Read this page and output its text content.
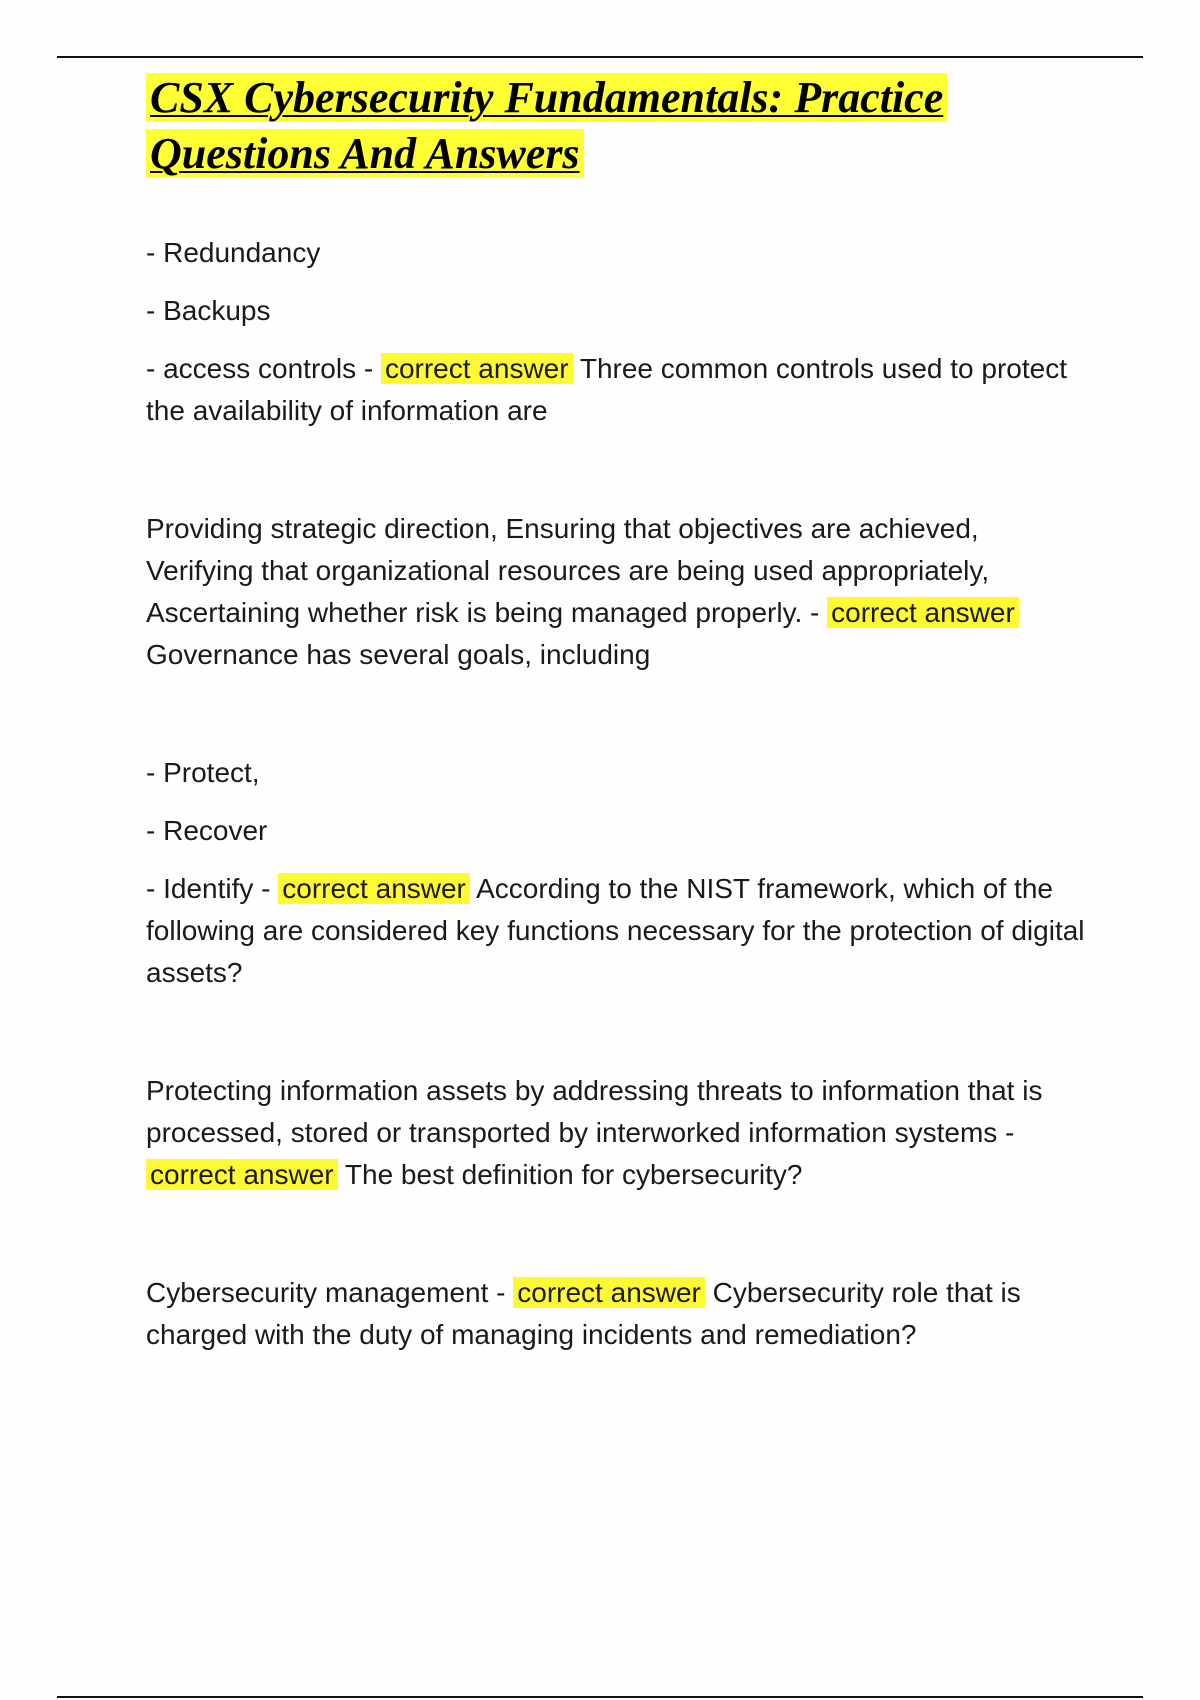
CSX Cybersecurity Fundamentals: Practice
Questions And Answers

- Redundancy

- Backups

- access controls - correct answer Three common controls used to protect the availability of information are

Providing strategic direction, Ensuring that objectives are achieved, Verifying that organizational resources are being used appropriately, Ascertaining whether risk is being managed properly. - correct answer Governance has several goals, including

- Protect,

- Recover

- Identify - correct answer According to the NIST framework, which of the following are considered key functions necessary for the protection of digital assets?

Protecting information assets by addressing threats to information that is processed, stored or transported by interworked information systems - correct answer The best definition for cybersecurity?

Cybersecurity management - correct answer Cybersecurity role that is charged with the duty of managing incidents and remediation?
